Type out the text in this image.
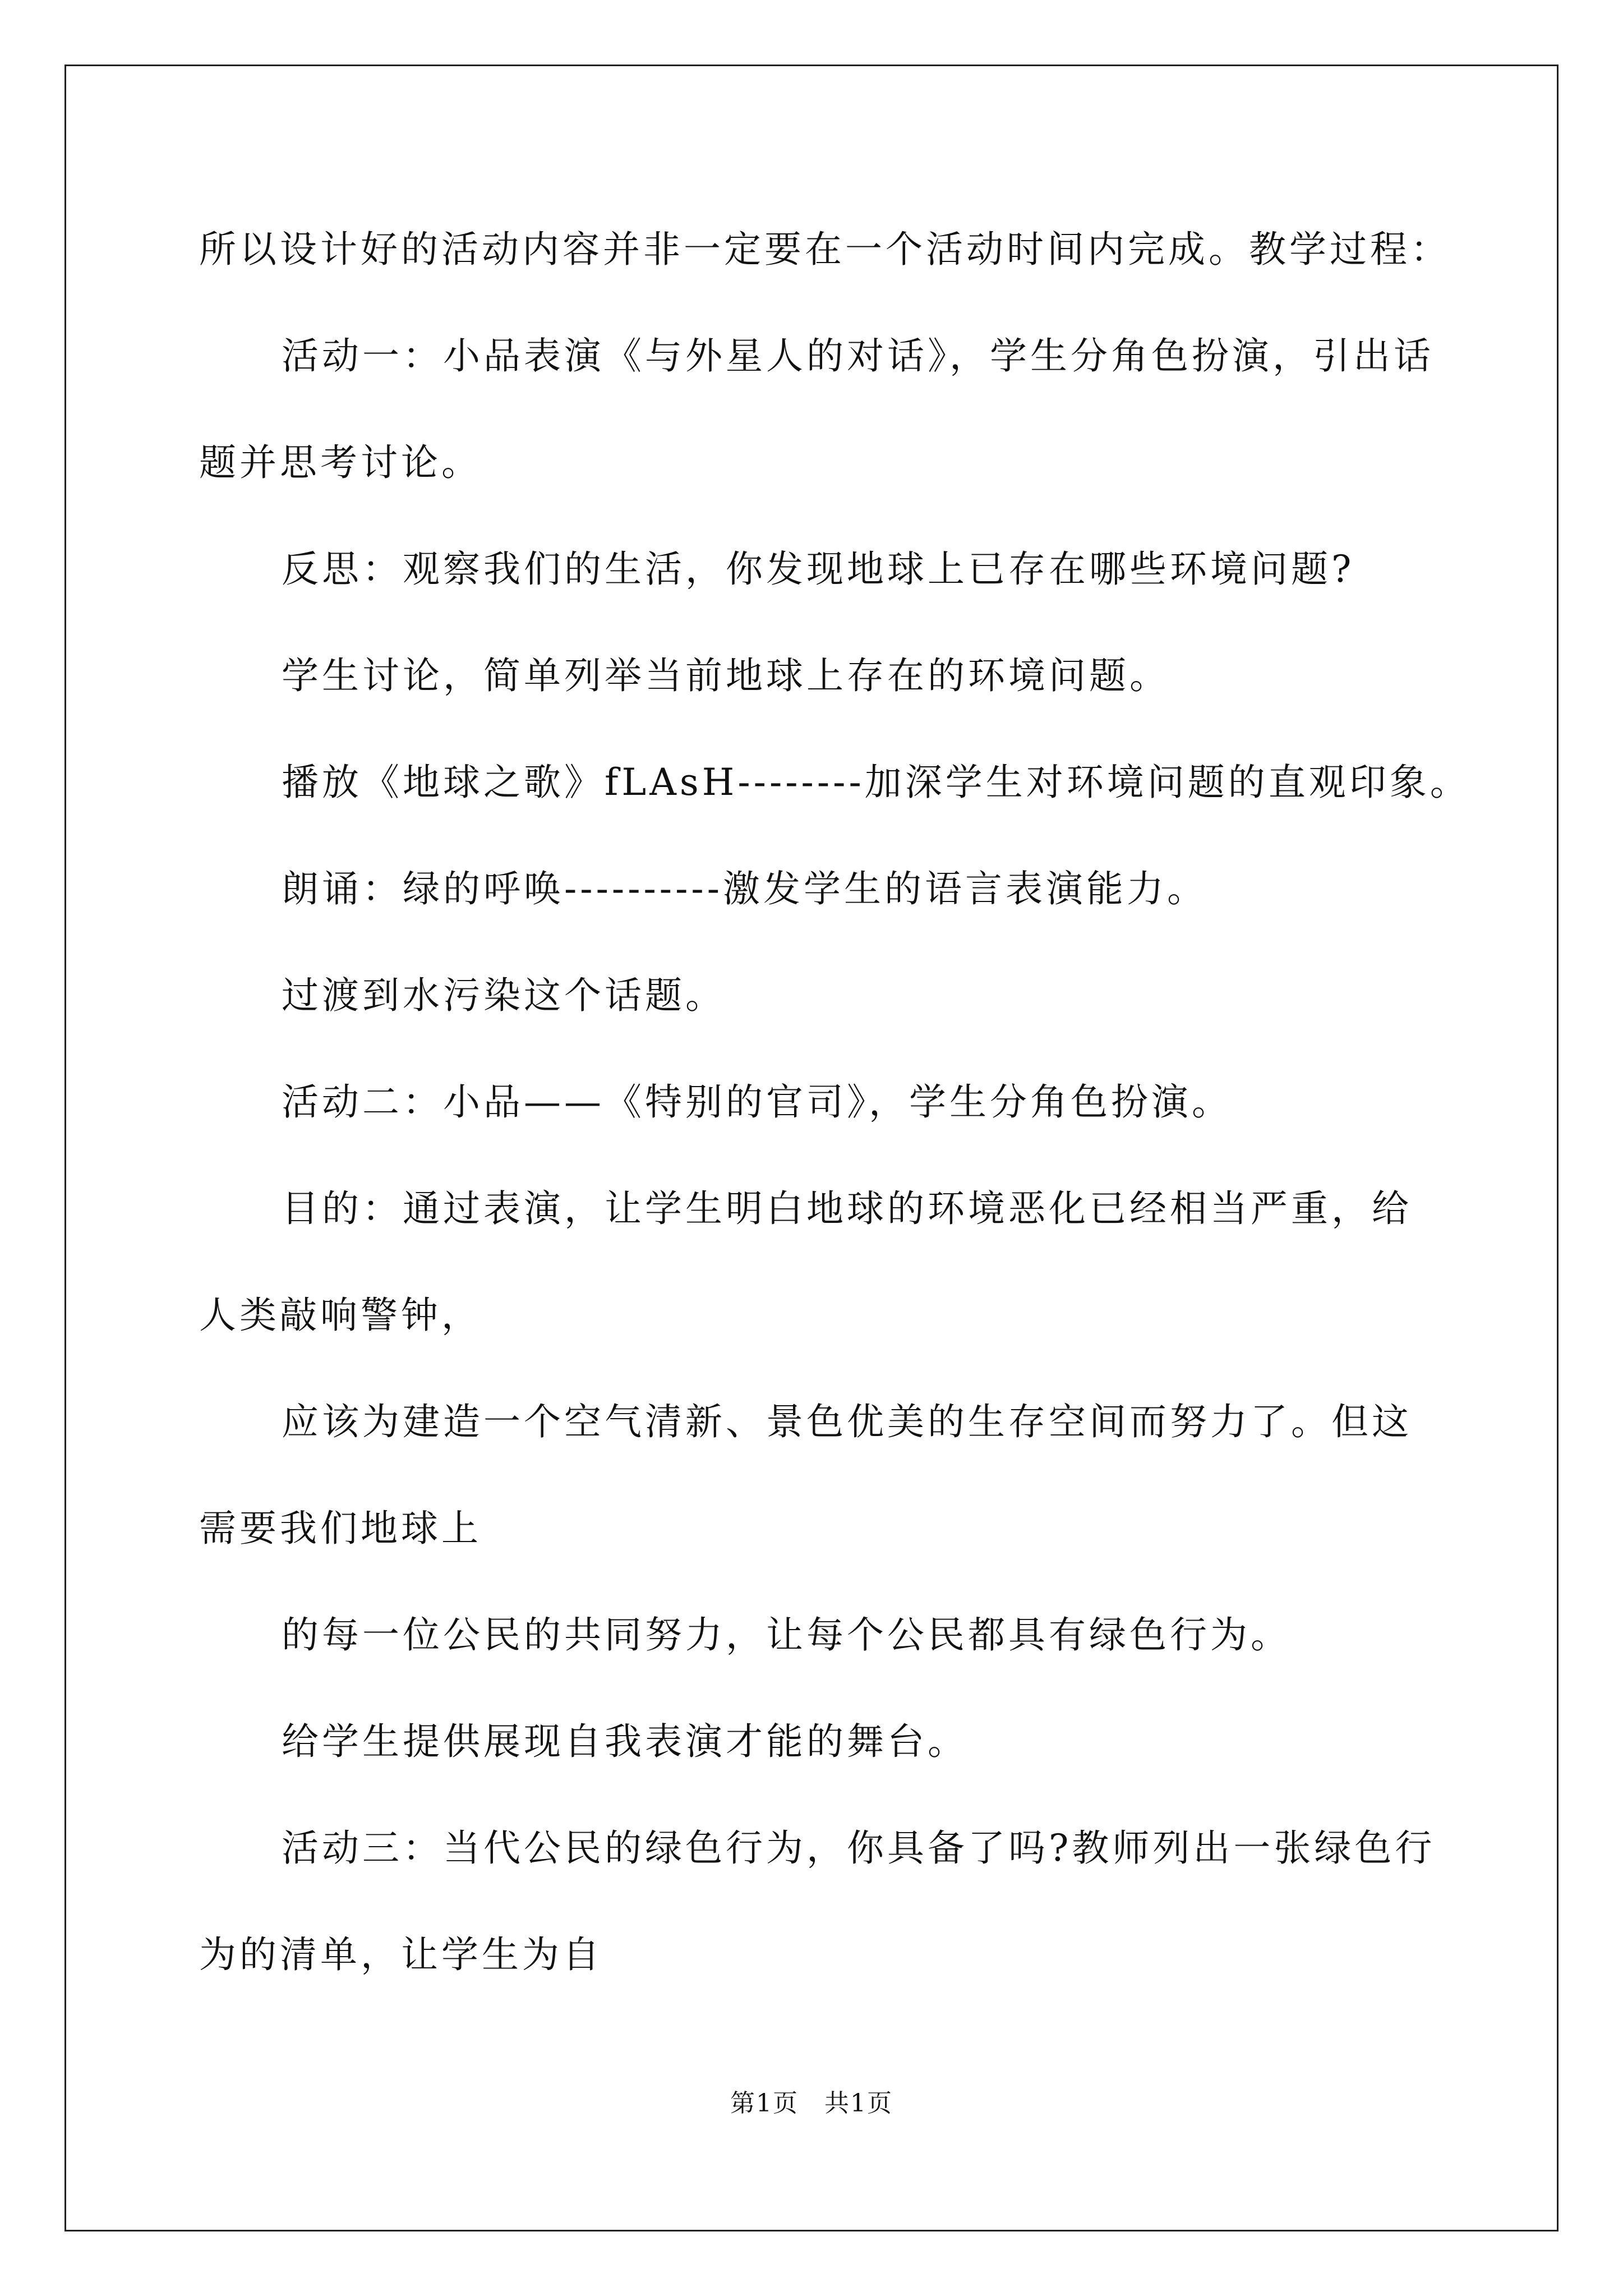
所以设计好的活动内容并非一定要在一个活动时间内完成。教学过程：
活动一：小品表演《与外星人的对话》，学生分角色扮演，引出话
题并思考讨论。
反思：观察我们的生活，你发现地球上已存在哪些环境问题?
学生讨论，简单列举当前地球上存在的环境问题。
播放《地球之歌》fLAsH--------加深学生对环境问题的直观印象。
朗诵：绿的呼唤----------激发学生的语言表演能力。
过渡到水污染这个话题。
活动二：小品——《特别的官司》，学生分角色扮演。
目的：通过表演，让学生明白地球的环境恶化已经相当严重，给
人类敲响警钟，
应该为建造一个空气清新、景色优美的生存空间而努力了。但这
需要我们地球上
的每一位公民的共同努力，让每个公民都具有绿色行为。
给学生提供展现自我表演才能的舞台。
活动三：当代公民的绿色行为，你具备了吗?教师列出一张绿色行
为的清单，让学生为自
第1页　共1页
